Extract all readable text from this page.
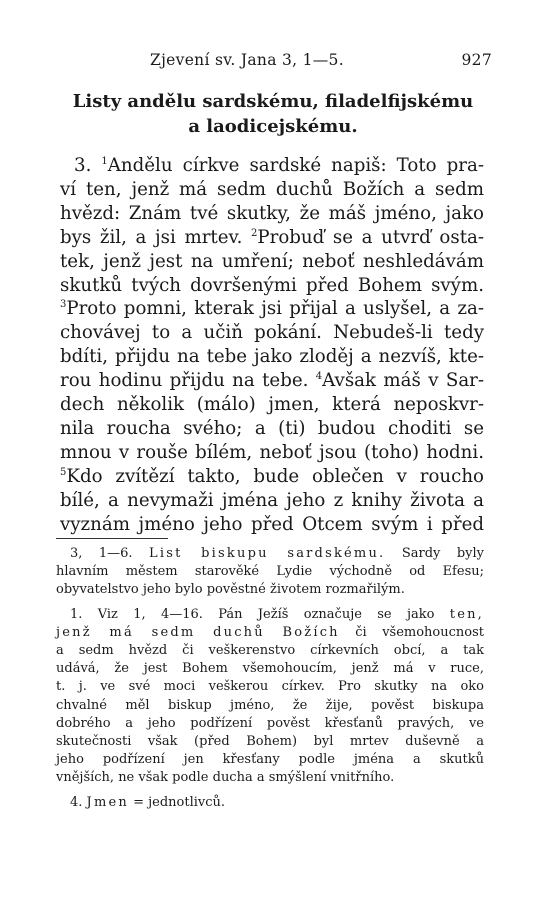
Zjevení sv. Jana 3, 1—5.	927
Listy andělu sardskému, filadelfijskému
a laodicejskému.
3. $^1$Andělu církve sardské napiš: Toto pra-
ví ten, jenž má sedm duchů Božích a sedm
hvězd: Znám tvé skutky, že máš jméno, jako
bys žil, a jsi mrtev. $^2$Probuď se a utvrď osta-
tek, jenž jest na umření; neboť neshledávám
skutků tvých dovršenými před Bohem svým.
$^3$Proto pomni, kterak jsi přijal a uslyšel, a za-
chovávej to a učiň pokání. Nebudeš-li tedy
bdíti, přijdu na tebe jako zloděj a nezvíš, kte-
rou hodinu přijdu na tebe. $^4$Avšak máš v Sar-
dech několik (málo) jmen, která neposkvr-
nila roucha svého; a (ti) budou choditi se
mnou v rouše bílém, neboť jsou (toho) hodni.
$^5$Kdo zvítězí takto, bude oblečen v roucho
bílé, a nevymaži jména jeho z knihy života a
vyznám jméno jeho před Otcem svým i před
3, 1—6. List biskupu sardskému. Sardy byly
hlavním městem starověké Lydie východně od Efesu;
obyvatelstvo jeho bylo pověstné životem rozmařilým.
1. Viz 1, 4—16. Pán Ježíš označuje se jako ten,
jenž má sedm duchů Božích či všemohoucnost
a sedm hvězd či veškerenstvo církevních obcí, a tak
udává, že jest Bohem všemohoucím, jenž má v ruce,
t. j. ve své moci veškerou církev. Pro skutky na oko
chvalné měl biskup jméno, že žije, pověst biskupa
dobrého a jeho podřízení pověst křesťanů pravých, ve
skutečnosti však (před Bohem) byl mrtev duševně a
jeho podřízení jen křesťany podle jména a skutků
vnějších, ne však podle ducha a smýšlení vnitřního.
4. Jmen = jednotlivců.
